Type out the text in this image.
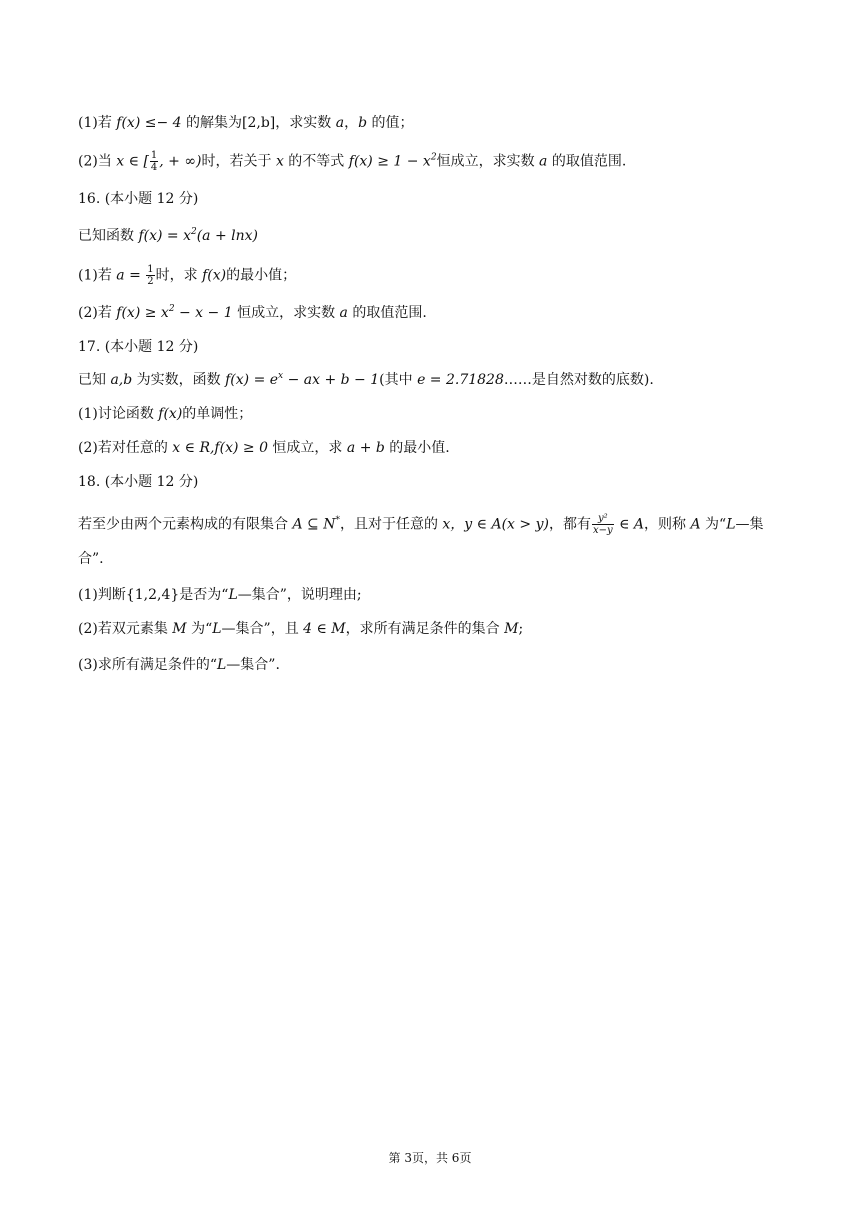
(1)若 f(x) ≤− 4 的解集为[2,b]，求实数 a，b 的值；
(2)当 x ∈ [ $\frac{1}{4}$ , + ∞)时，若关于 x 的不等式 $f(x) \ge 1 - x^2$恒成立，求实数 a 的取值范围.
16. (本小题 12 分)
已知函数 $f(x) = x^2(a + \ln x)$
(1)若 $a = \frac{1}{2}$ 时，求 f(x)的最小值；
(2)若 $f(x) \ge x^2 - x - 1$ 恒成立，求实数 a 的取值范围.
17. (本小题 12 分)
已知 a,b 为实数，函数 $f(x) = e^x$ − ax + b − 1(其中 e = 2.71828……是自然对数的底数).
(1)讨论函数 f(x)的单调性；
(2)若对任意的 x ∈ R,f(x) ≥ 0 恒成立，求 a + b 的最小值.
18. (本小题 12 分)
若至少由两个元素构成的有限集合 A ⊆ N*，且对于任意的 x，y ∈ A(x > y)，都有 $\frac{\text{y²}}{x-y}$ ∈ A，则称 A 为“L—集
合”.
(1)判断{1,2,4}是否为“L—集合”，说明理由;
(2)若双元素集 M 为“L—集合”，且 4 ∈ M，求所有满足条件的集合 M;
(3)求所有满足条件的“L—集合”.
第 3页，共 6页
